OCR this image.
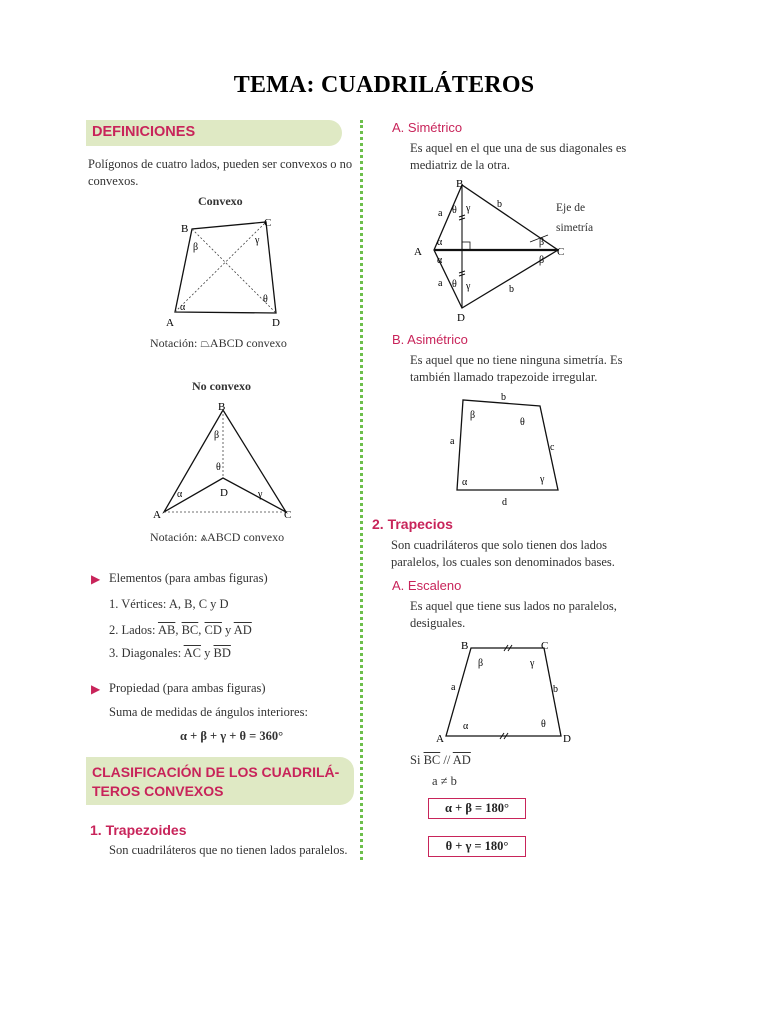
TEMA: CUADRILÁTEROS
DEFINICIONES
Polígonos de cuatro lados, pueden ser convexos o no convexos.
Convexo
A
B	C
D
α
β
γ
θ
Notación: ⏢ABCD convexo
No convexo
A
B
C
D
α
β
γ
θ
Notación: ⩓ABCD convexo
▶ Elementos (para ambas figuras)
1. Vértices: A, B, C y D
2. Lados: $\overline{AB}$, $\overline{BC}$, $\overline{CD}$ y $\overline{AD}$
3. Diagonales: $\overline{AC}$ y $\overline{BD}$
▶ Propiedad (para ambas figuras)
Suma de medidas de ángulos interiores:
α + β + γ + θ = 360°
CLASIFICACIÓN DE LOS CUADRILÁ-
TEROS CONVEXOS
1. Trapezoides
Son cuadriláteros que no tienen lados paralelos.
A. Simétrico
Es aquel en el que una de sus diagonales es mediatriz de la otra.
B
A	C
D
a
a
b
b
θ γ
α
α
β
β
θ γ
Eje de
simetría
B. Asimétrico
Es aquel que no tiene ninguna simetría. Es también llamado trapezoide irregular.
a
b
c
d
α
β
θ
γ
2. Trapecios
Son cuadriláteros que solo tienen dos lados paralelos, los cuales son denominados bases.
A. Escaleno
Es aquel que tiene sus lados no paralelos, desiguales.
B	C
A	D
a	b
α
β	γ
θ
Si $\overline{BC} // \overline{AD}$
a ≠ b
α + β = 180°
θ + γ = 180°
